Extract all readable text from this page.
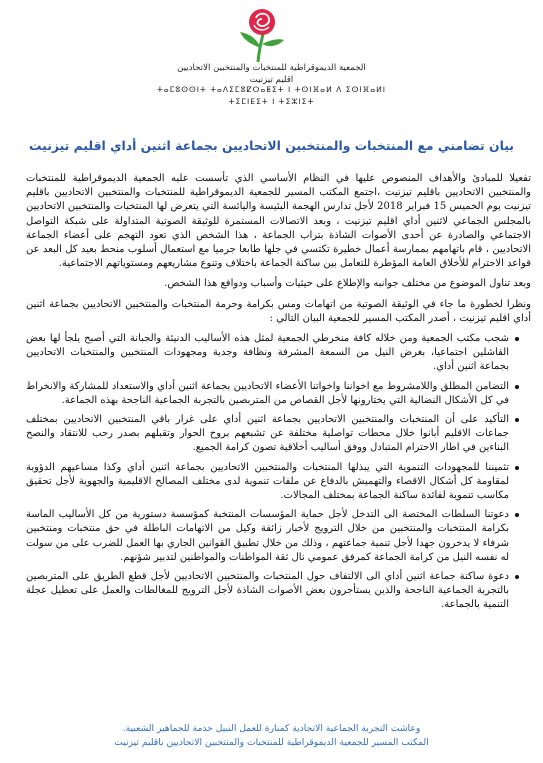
الجمعية الديموقراطية للمنتخبات والمنتخبين الاتحاديين
اقليم تيزنيت
ⵜⴰⵎⵓⵙⵙⵏⵜ ⵜⴰⴷⵉⵎⵓⵇⵔⴰⵟⵉⵜ ⵏ ⵜⵙⵏⴼⴰⵍ ⴷ ⵉⵙⵏⴼⴰⵍⵏ
ⵜⵉⵎⵏⴹⵉⵜ ⵏ ⵜⵉⵣⵏⵉⵜ
بيان تضامني مع المنتخبات والمنتخبين الاتحاديين بجماعة اثنين أداي اقليم تيزنيت

تفعيلا للمبادئ والأهداف المنصوص عليها في النظام الأساسي الذي تأسست عليه الجمعية الديموقراطية للمنتخبات والمنتخبين الاتحاديين باقليم تيزنيت ،اجتمع المكتب المسير للجمعية الديموقراطية للمنتخبات والمنتخبين الاتحاديين باقليم تيزنيت يوم الخميس 15 فبراير 2018 لأجل تدارس الهجمة البئيسة واليائسة التي يتعرض لها المنتخبات والمنتخبين الاتحاديين بالمجلس الجماعي لاثنين أداي اقليم تيزنيت ، وبعد الاتصالات المستمرة للوثيقة الصوتية المتداولة على شبكة التواصل الاجتماعي والصادرة عن أحدى الأصوات الشاذة بتراب الجماعة ، هذا الشخص الذي تعود التهجم على أعضاء الجماعة الاتحاديين ، قام باتهامهم بممارسة أعمال خطيرة تكتسي في جلها طابعا جرميا مع استعمال أسلوب منحط بعيد كل البعد عن قواعد الاحترام للأخلاق العامة المؤطرة للتعامل بين ساكنة الجماعة باختلاف وتنوع مشاريعهم ومستوياتهم الاجتماعية.

وبعد تناول الموضوع من مختلف جوانبه والإطلاع على حيثيات وأسباب ودوافع هذا الشخص.

ونظرا لخطورة ما جاء في الوثيقة الصوتية من اتهامات ومس بكرامة وحرمة المنتخبات والمنتخبين الاتحاديين بجماعة اثنين أداي اقليم تيزنيت ، أصدر المكتب المسير للجمعية البيان التالي :

شجب مكتب الجمعية ومن خلاله كافة منخرطي الجمعية لمثل هذه الأساليب الدنيئة والجبانة التي أصبح يلجأ لها بعض الفاشلين اجتماعيا، بغرض النيل من السمعة المشرفة ونظافة وجدية ومجهودات المنتخبين والمنتخبات الاتحاديين بجماعة اثنين أداي.
التضامن المطلق واللامشروط مع اخواننا واخواتنا الأعضاء الاتحاديين بجماعة اثنين أداي والاستعداد للمشاركة والانخراط في كل الأشكال النضالية التي يختارونها لأجل القصاص من المتربصين بالتجربة الجماعية الناجحة بهذه الجماعة.
التأكيد على أن المنتخبات والمنتخبين الاتحاديين بجماعة اثنين أداي على غرار باقي المنتخبين الاتحاديين بمختلف جماعات الاقليم أبانوا خلال محطات تواصلية مختلفة عن تشبعهم بروح الحوار وتقبلهم بصدر رحب للانتقاد والنصح البناءين في اطار الاحترام المتبادل ووفق أساليب أخلاقية تصون كرامة الجميع.
تثميننا للمجهودات التنموية التي يبذلها المنتخبات والمنتخبين الاتحاديين بجماعة اثنين أداي وكذا مساعيهم الدؤوبة لمقاومة كل أشكال الاقصاء والتهميش بالدفاع عن ملفات تنموية لدى مختلف المصالح الاقليمية والجهوية لأجل تحقيق مكاسب تنموية لفائدة ساكنة الجماعة بمختلف المجالات.
دعوتنا السلطات المختصة الى التدخل لأجل حماية المؤسسات المنتخبة كمؤسسة دستورية من كل الأساليب الماسة بكرامة المنتخبات والمنتخبين من خلال الترويج لأخبار زائفة وكيل من الاتهامات الباطلة في حق منتخبات ومنتخبين شرفاء لا يدخرون جهدا لأجل تنمية جماعتهم ، وذلك من خلال تطبيق القوانين الجاري بها العمل للضرب على من سولت له نفسه النيل من كرامة الجماعة كمرفق عمومي نال ثقة المواطنات والمواطنين لتدبير شؤنهم.
دعوة ساكنة جماعة اثنين أداي الى الالتفاف حول المنتخبات والمنتخبين الاتحاديين لأجل قطع الطريق على المتربصين بالتجربة الجماعية الناجحة والذين يستأجرون بعض الأصوات الشاذة لأجل الترويج للمغالطات والعمل على تعطيل عجلة التنمية بالجماعة.
وعاشت التجربة الجماعية الاتحادية كمنارة للعمل النبيل خدمة للجماهير الشعبية.
المكتب المسير للجمعية الديموقراطية للمنتخبات والمنتخبين الاتحاديين باقليم تيزنيت
